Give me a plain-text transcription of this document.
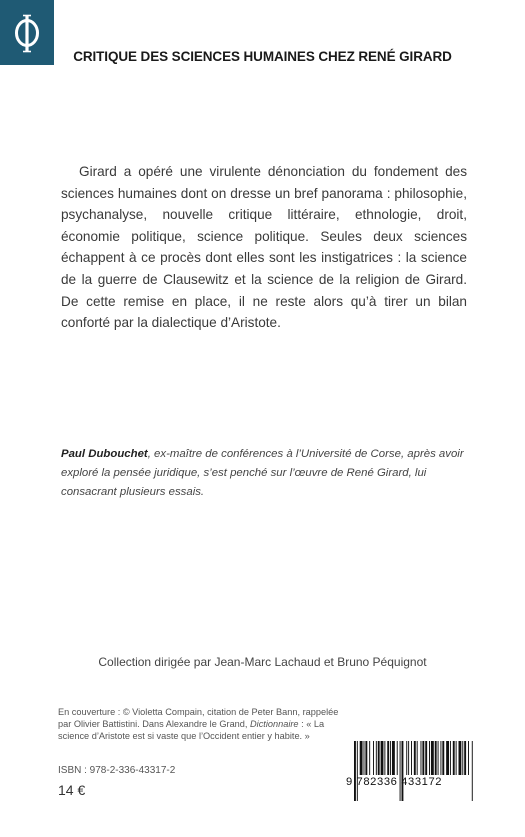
CRITIQUE DES SCIENCES HUMAINES CHEZ RENÉ GIRARD

Girard a opéré une virulente dénonciation du fondement des sciences humaines dont on dresse un bref panorama : philosophie, psychanalyse, nouvelle critique littéraire, ethnologie, droit, économie politique, science politique. Seules deux sciences échappent à ce procès dont elles sont les instigatrices : la science de la guerre de Clausewitz et la science de la religion de Girard. De cette remise en place, il ne reste alors qu’à tirer un bilan conforté par la dialectique d’Aristote.

Paul Dubouchet, ex-maître de conférences à l’Université de Corse, après avoir exploré la pensée juridique, s’est penché sur l’œuvre de René Girard, lui consacrant plusieurs essais.

Collection dirigée par Jean-Marc Lachaud et Bruno Péquignot

En couverture : © Violetta Compain, citation de Peter Bann, rappelée par Olivier Battistini. Dans Alexandre le Grand, Dictionnaire : « La science d’Aristote est si vaste que l’Occident entier y habite. »

ISBN : 978-2-336-43317-2
14 €	9 782336 433172
